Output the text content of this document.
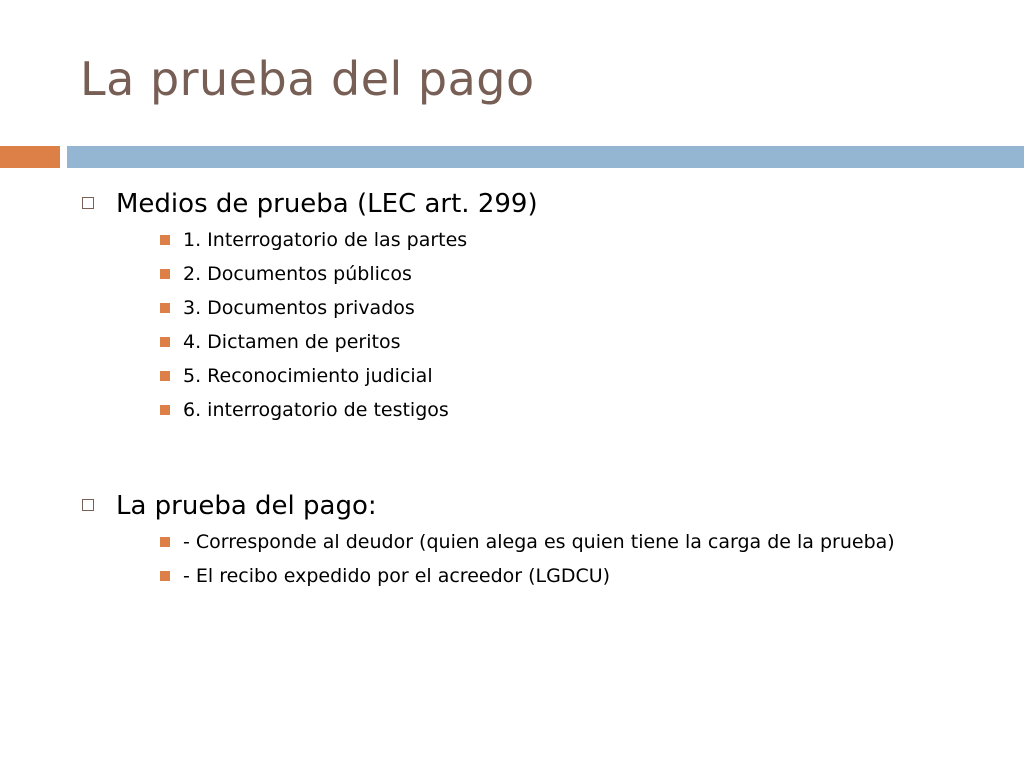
La prueba del pago
Medios de prueba (LEC art. 299)
1. Interrogatorio de las partes
2. Documentos públicos
3. Documentos privados
4. Dictamen de peritos
5. Reconocimiento judicial
6. interrogatorio de testigos
La prueba del pago:
- Corresponde al deudor (quien alega es quien tiene la carga de la prueba)
- El recibo expedido por el acreedor (LGDCU)
